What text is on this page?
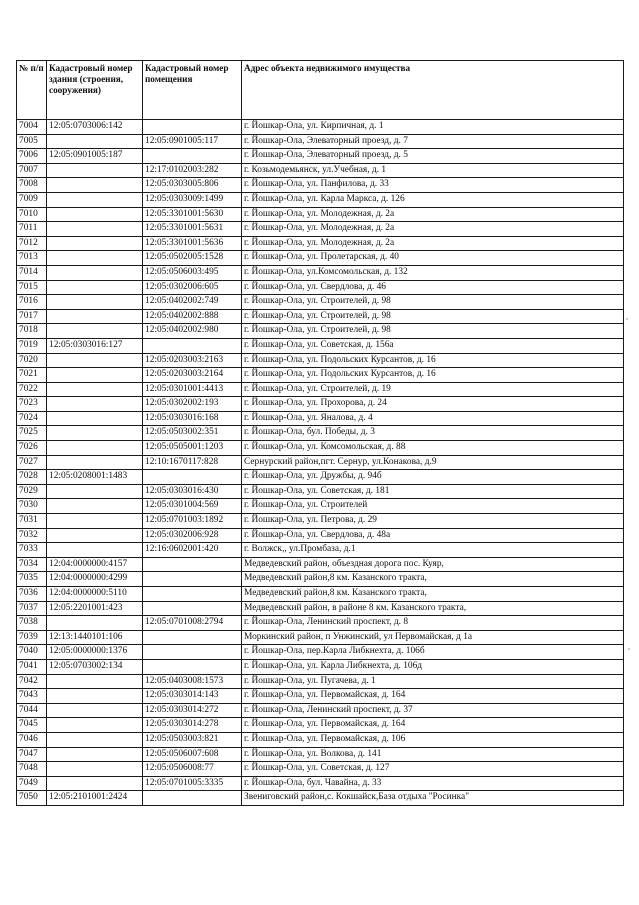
№ п/п	Кадастровый номер здания (строения, сооружения)	Кадастровый номер помещения	Адрес объекта недвижимого имущества
7004	12:05:0703006:142		г. Йошкар-Ола, ул. Кирпичная, д. 1
7005		12:05:0901005:117	г. Йошкар-Ола, Элеваторный проезд, д. 7
7006	12:05:0901005:187		г. Йошкар-Ола, Элеваторный проезд, д. 5
7007		12:17:0102003:282	г. Козьмодемьянск, ул.Учебная, д. 1
7008		12:05:0303005:806	г. Йошкар-Ола, ул. Панфилова, д. 33
7009		12:05:0303009:1499	г. Йошкар-Ола, ул. Карла Маркса, д. 126
7010		12:05:3301001:5630	г. Йошкар-Ола, ул. Молодежная, д. 2а
7011		12:05:3301001:5631	г. Йошкар-Ола, ул. Молодежная, д. 2а
7012		12:05:3301001:5636	г. Йошкар-Ола, ул. Молодежная, д. 2а
7013		12:05:0502005:1528	г. Йошкар-Ола, ул. Пролетарская, д. 40
7014		12:05:0506003:495	г. Йошкар-Ола, ул.Комсомольская, д. 132
7015		12:05:0302006:605	г. Йошкар-Ола, ул. Свердлова, д. 46
7016		12:05:0402002:749	г. Йошкар-Ола, ул. Строителей, д. 98
7017		12:05:0402002:888	г. Йошкар-Ола, ул. Строителей, д. 98
7018		12:05:0402002:980	г. Йошкар-Ола, ул. Строителей, д. 98
7019	12:05:0303016:127		г. Йошкар-Ола, ул. Советская, д. 156а
7020		12:05:0203003:2163	г. Йошкар-Ола, ул. Подольских Курсантов, д. 16
7021		12:05:0203003:2164	г. Йошкар-Ола, ул. Подольских Курсантов, д. 16
7022		12:05:0301001:4413	г. Йошкар-Ола, ул. Строителей, д. 19
7023		12:05:0302002:193	г. Йошкар-Ола, ул. Прохорова, д. 24
7024		12:05:0303016:168	г. Йошкар-Ола, ул. Яналова, д. 4
7025		12:05:0503002:351	г. Йошкар-Ола, бул. Победы, д. 3
7026		12:05:0505001:1203	г. Йошкар-Ола, ул. Комсомольская, д. 88
7027		12:10:1670117:828	Сернурский район,пгт. Сернур, ул.Конакова, д.9
7028	12:05:0208001:1483		г. Йошкар-Ола, ул. Дружбы, д. 94б
7029		12:05:0303016:430	г. Йошкар-Ола, ул. Советская, д. 181
7030		12:05:0301004:569	г. Йошкар-Ола, ул. Строителей
7031		12:05:0701003:1892	г. Йошкар-Ола, ул. Петрова, д. 29
7032		12:05:0302006:928	г. Йошкар-Ола, ул. Свердлова, д. 48а
7033		12:16:0602001:420	г. Волжск,, ул.Промбаза, д.1
7034	12:04:0000000:4157		Медведевский район, объездная дорога пос. Куяр,
7035	12:04:0000000:4299		Медведевский район,8 км. Казанского тракта,
7036	12:04:0000000:5110		Медведевский район,8 км. Казанского тракта,
7037	12:05:2201001:423		Медведевский район, в районе 8 км. Казанского тракта,
7038		12:05:0701008:2794	г. Йошкар-Ола, Ленинский проспект, д. 8
7039	12:13:1440101:106		Моркинский район, п Унжинский, ул Первомайская, д 1а
7040	12:05:0000000:1376		г. Йошкар-Ола, пер.Карла Либкнехта, д. 106б
7041	12:05:0703002:134		г. Йошкар-Ола, ул. Карла Либкнехта, д. 106д
7042		12:05:0403008:1573	г. Йошкар-Ола, ул. Пугачева, д. 1
7043		12:05:0303014:143	г. Йошкар-Ола, ул. Первомайская, д. 164
7044		12:05:0303014:272	г. Йошкар-Ола, Ленинский проспект, д. 37
7045		12:05:0303014:278	г. Йошкар-Ола, ул. Первомайская, д. 164
7046		12:05:0503003:821	г. Йошкар-Ола, ул. Первомайская, д. 106
7047		12:05:0506007:608	г. Йошкар-Ола, ул. Волкова, д. 141
7048		12:05:0506008:77	г. Йошкар-Ола, ул. Советская, д. 127
7049		12:05:0701005:3335	г. Йошкар-Ола, бул. Чавайна, д. 33
7050	12:05:2101001:2424		Звениговский район,с. Кокшайск,База отдыха "Росинка"
